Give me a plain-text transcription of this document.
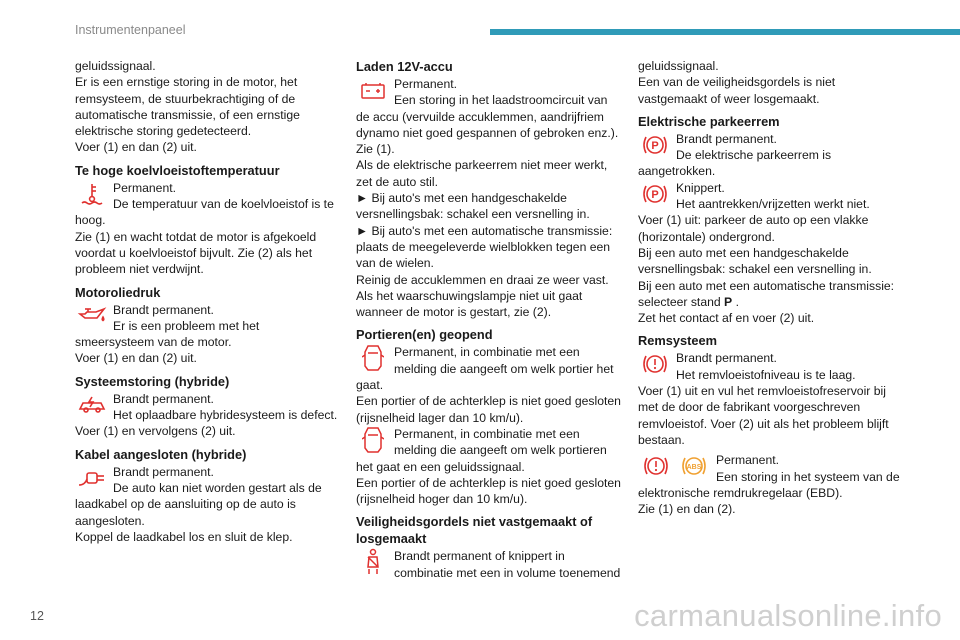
Instrumentenpaneel
geluidssignaal.
Er is een ernstige storing in de motor, het remsysteem, de stuurbekrachtiging of de automatische transmissie, of een ernstige elektrische storing gedetecteerd.
Voer (1) en dan (2) uit.
Te hoge koelvloeistoftemperatuur
Permanent.
De temperatuur van de koelvloeistof is te hoog.
Zie (1) en wacht totdat de motor is afgekoeld voordat u koelvloeistof bijvult. Zie (2) als het probleem niet verdwijnt.
Motoroliedruk
Brandt permanent.
Er is een probleem met het smeersysteem van de motor.
Voer (1) en dan (2) uit.
Systeemstoring (hybride)
Brandt permanent.
Het oplaadbare hybridesysteem is defect.
Voer (1) en vervolgens (2) uit.
Kabel aangesloten (hybride)
Brandt permanent.
De auto kan niet worden gestart als de laadkabel op de aansluiting op de auto is aangesloten.
Koppel de laadkabel los en sluit de klep.
Laden 12V-accu
Permanent.
Een storing in het laadstroomcircuit van de accu (vervuilde accuklemmen, aandrijfriem dynamo niet goed gespannen of gebroken enz.).
Zie (1).
Als de elektrische parkeerrem niet meer werkt, zet de auto stil.
► Bij auto's met een handgeschakelde versnellingsbak: schakel een versnelling in.
► Bij auto's met een automatische transmissie: plaats de meegeleverde wielblokken tegen een van de wielen.
Reinig de accuklemmen en draai ze weer vast.
Als het waarschuwingslampje niet uit gaat wanneer de motor is gestart, zie (2).
Portieren(en) geopend
Permanent, in combinatie met een melding die aangeeft om welk portier het gaat.
Een portier of de achterklep is niet goed gesloten (rijsnelheid lager dan 10 km/u).
Permanent, in combinatie met een melding die aangeeft om welk portieren het gaat en een geluidssignaal.
Een portier of de achterklep is niet goed gesloten (rijsnelheid hoger dan 10 km/u).
Veiligheidsgordels niet vastgemaakt of losgemaakt
Brandt permanent of knippert in combinatie met een in volume toenemend
geluidssignaal.
Een van de veiligheidsgordels is niet vastgemaakt of weer losgemaakt.
Elektrische parkeerrem
P	Brandt permanent.
De elektrische parkeerrem is aangetrokken.
P	Knippert.
Het aantrekken/vrijzetten werkt niet.
Voer (1) uit: parkeer de auto op een vlakke (horizontale) ondergrond.
Bij een auto met een handgeschakelde versnellingsbak: schakel een versnelling in.
Bij een auto met een automatische transmissie: selecteer stand P .
Zet het contact af en voer (2) uit.
Remsysteem
Brandt permanent.
Het remvloeistofniveau is te laag.
Voer (1) uit en vul het remvloeistofreservoir bij met de door de fabrikant voorgeschreven remvloeistof. Voer (2) uit als het probleem blijft bestaan.
ABS
Permanent.
Een storing in het systeem van de elektronische remdrukregelaar (EBD).
Zie (1) en dan (2).
12	carmanualsonline.info
